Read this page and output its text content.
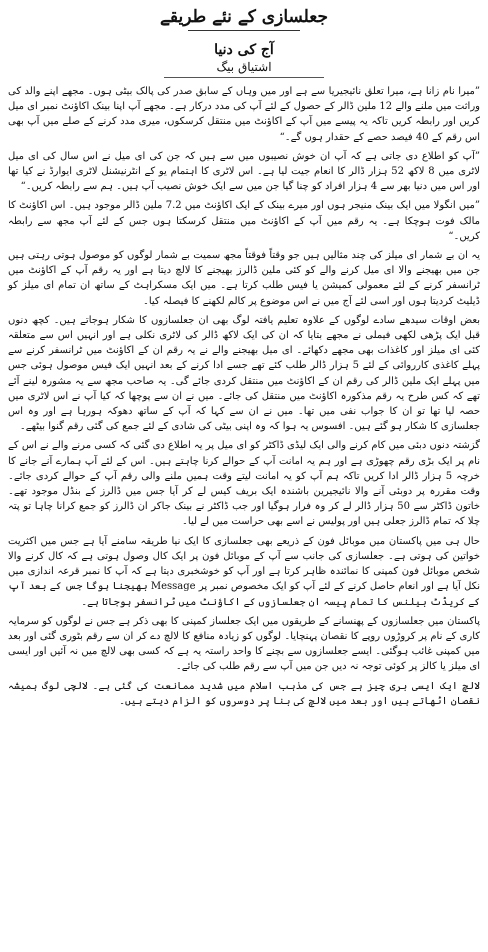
جعلسازی کے نئے طریقے
آج کی دنیا
اشتیاق بیگ

”میرا نام زانا ہے، میرا تعلق نائیجیریا سے ہے اور میں وہاں کے سابق صدر کی پالک بیٹی ہوں۔ مجھے اپنے والد کی وراثت میں ملنے والے 12 ملین ڈالر کے حصول کے لئے آپ کی مدد درکار ہے۔ مجھے آپ اپنا بینک اکاؤنٹ نمبر ای میل کریں اور رابطہ کریں تاکہ یہ پیسے میں آپ کے اکاؤنٹ میں منتقل کرسکوں، میری مدد کرنے کے صلے میں آپ بھی اس رقم کے 40 فیصد حصے کے حقدار ہوں گے۔“

”آپ کو اطلاع دی جاتی ہے کہ آپ ان خوش نصیبوں میں سے ہیں کہ جن کی ای میل نے اس سال کی ای میل لاٹری میں 8 لاکھ 52 ہزار ڈالر کا انعام جیت لیا ہے۔ اس لاٹری کا اہتمام یو کے انٹرنیشنل لاٹری ایوارڈ نے کیا تھا اور اس میں دنیا بھر سے 4 ہزار افراد کو چنا گیا جن میں سے ایک خوش نصیب آپ ہیں۔ ہم سے رابطہ کریں۔“

”میں انگولا میں ایک بینک منیجر ہوں اور میرے بینک کے ایک اکاؤنٹ میں 7.2 ملین ڈالر موجود ہیں۔ اس اکاؤنٹ کا مالک فوت ہوچکا ہے۔ یہ رقم میں آپ کے اکاؤنٹ میں منتقل کرسکتا ہوں جس کے لئے آپ مجھ سے رابطہ کریں۔“

یہ ان بے شمار ای میلز کی چند مثالیں ہیں جو وقتاً فوقتاً مجھ سمیت بے شمار لوگوں کو موصول ہوتی رہتی ہیں جن میں بھیجنے والا ای میل کرنے والے کو کئی ملین ڈالرز بھیجنے کا لالچ دیتا ہے اور یہ رقم آپ کے اکاؤنٹ میں ٹرانسفر کرنے کے لئے معمولی کمیشن یا فیس طلب کرتا ہے۔ میں ایک مسکراہٹ کے ساتھ ان تمام ای میلز کو ڈیلیٹ کردیتا ہوں اور اسی لئے آج میں نے اس موضوع پر کالم لکھنے کا فیصلہ کیا۔

بعض اوقات سیدھے سادے لوگوں کے علاوہ تعلیم یافتہ لوگ بھی ان جعلسازوں کا شکار ہوجاتے ہیں۔ کچھ دنوں قبل ایک پڑھی لکھی فیملی نے مجھے بتایا کہ ان کی ایک لاکھ ڈالر کی لاٹری نکلی ہے اور انہیں اس سے متعلقہ کئی ای میلز اور کاغذات بھی مجھے دکھائے۔ ای میل بھیجنے والے نے یہ رقم ان کے اکاؤنٹ میں ٹرانسفر کرنے سے پہلے کاغذی کارروائی کے لئے 5 ہزار ڈالر طلب کئے تھے جسے ادا کرنے کے بعد انہیں ایک فیس موصول ہوئی جس میں پہلے ایک ملین ڈالر کی رقم ان کے اکاؤنٹ میں منتقل کردی جائے گی۔ یہ صاحب مجھ سے یہ مشورہ لینے آئے تھے کہ کس طرح یہ رقم مذکورہ اکاؤنٹ میں منتقل کی جائے۔ میں نے ان سے پوچھا کہ کیا آپ نے اس لاٹری میں حصہ لیا تھا تو ان کا جواب نفی میں تھا۔ میں نے ان سے کہا کہ آپ کے ساتھ دھوکہ ہورہا ہے اور وہ اس جعلسازی کا شکار ہو گئے ہیں۔ افسوس یہ ہوا کہ وہ اپنی بیٹی کی شادی کے لئے جمع کی گئی رقم گنوا بیٹھے۔

گزشتہ دنوں دبئی میں کام کرنے والی ایک لیڈی ڈاکٹر کو ای میل پر یہ اطلاع دی گئی کہ کسی مرنے والے نے اس کے نام پر ایک بڑی رقم چھوڑی ہے اور ہم یہ امانت آپ کے حوالے کرنا چاہتے ہیں۔ اس کے لئے آپ ہمارے آنے جانے کا خرچہ 5 ہزار ڈالر ادا کریں تاکہ ہم آپ کو یہ امانت لیتے وقت ہمیں ملنے والی رقم آپ کے حوالے کردی جائے۔ وقت مقررہ پر دوبئی آنے والا نائیجیرین باشندہ ایک بریف کیس لے کر آیا جس میں ڈالرز کے بنڈل موجود تھے۔ خاتون ڈاکٹر سے 50 ہزار ڈالر لے کر وہ فرار ہوگیا اور جب ڈاکٹر نے بینک جاکر ان ڈالرز کو جمع کرانا چاہا تو پتہ چلا کہ تمام ڈالرز جعلی ہیں اور پولیس نے اسے بھی حراست میں لے لیا۔

حال ہی میں پاکستان میں موبائل فون کے ذریعے بھی جعلسازی کا ایک نیا طریقہ سامنے آیا ہے جس میں اکثریت خواتین کی ہوتی ہے۔ جعلسازی کی جانب سے آپ کے موبائل فون پر ایک کال وصول ہوتی ہے کہ کال کرنے والا شخص موبائل فون کمپنی کا نمائندہ ظاہر کرتا ہے اور آپ کو خوشخبری دیتا ہے کہ آپ کا نمبر قرعہ اندازی میں نکل آیا ہے اور انعام حاصل کرنے کے لئے آپ کو ایک مخصوص نمبر پر Message بھیجنا ہوگا جس کے بعد آپ کے کریڈٹ بیلنس کا تمام پیسہ ان جعلسازوں کے اکاؤنٹ میں ٹرانسفر ہوجاتا ہے۔

پاکستان میں جعلسازوں کے پھنسانے کے طریقوں میں ایک جعلساز کمپنی کا بھی ذکر ہے جس نے لوگوں کو سرمایہ کاری کے نام پر کروڑوں روپے کا نقصان پہنچایا۔ لوگوں کو زیادہ منافع کا لالچ دے کر ان سے رقم بٹوری گئی اور بعد میں کمپنی غائب ہوگئی۔ ایسے جعلسازوں سے بچنے کا واحد راستہ یہ ہے کہ کسی بھی لالچ میں نہ آئیں اور ایسی ای میلز یا کالز پر کوئی توجہ نہ دیں جن میں آپ سے رقم طلب کی جائے۔

لالچ ایک ایسی بری چیز ہے جس کی مذہب اسلام میں شدید ممانعت کی گئی ہے۔ لالچی لوگ ہمیشہ نقصان اٹھاتے ہیں اور بعد میں لالچ کی بنا پر دوسروں کو الزام دیتے ہیں۔
